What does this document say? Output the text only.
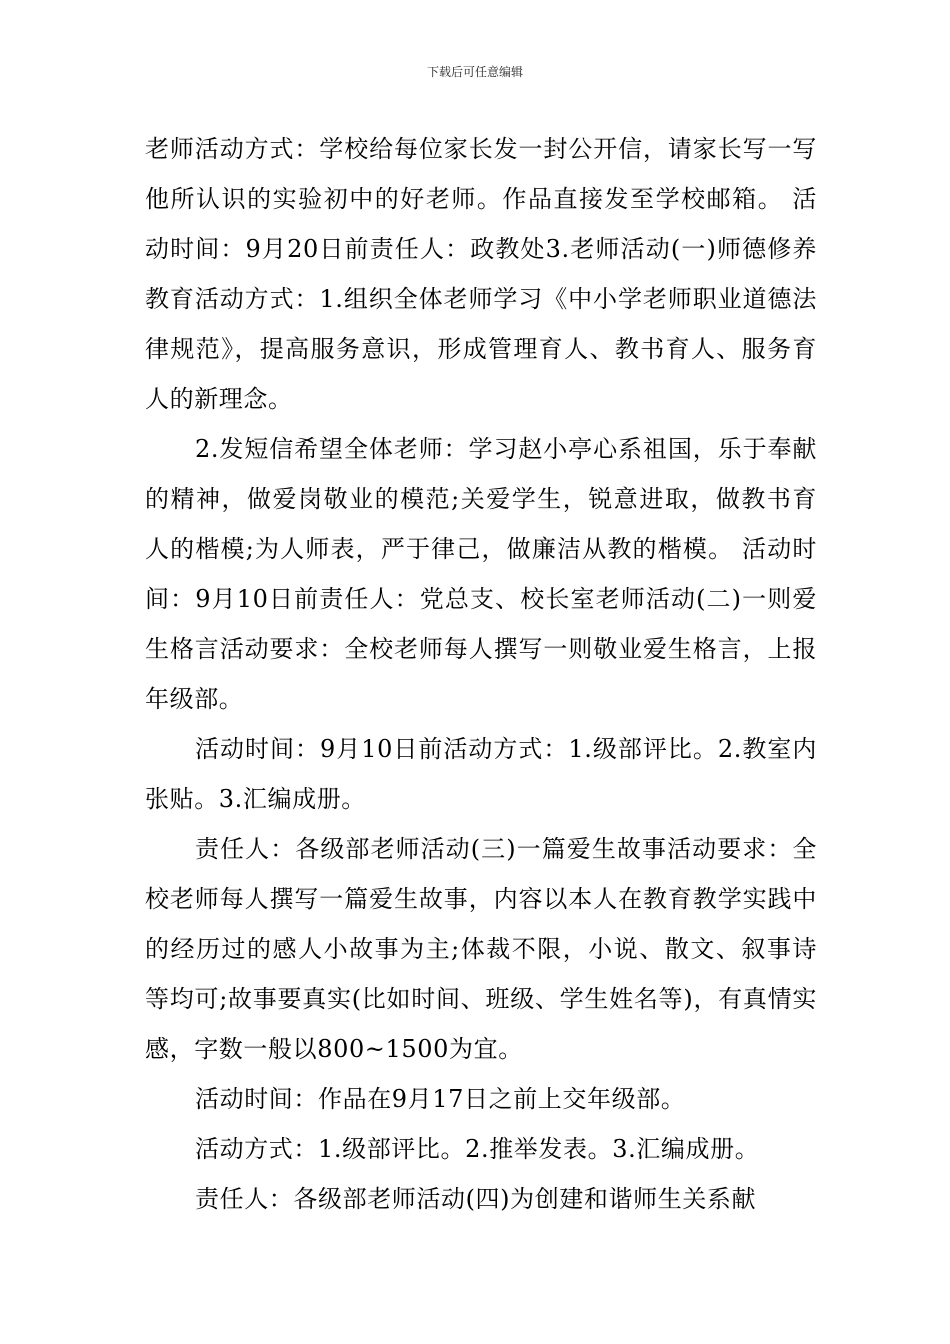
下载后可任意编辑

老师活动方式：学校给每位家长发一封公开信，请家长写一写他所认识的实验初中的好老师。作品直接发至学校邮箱。 活动时间：9月20日前责任人：政教处3.老师活动(一)师德修养教育活动方式：1.组织全体老师学习《中小学老师职业道德法律规范》，提高服务意识，形成管理育人、教书育人、服务育人的新理念。

2.发短信希望全体老师：学习赵小亭心系祖国，乐于奉献的精神，做爱岗敬业的模范;关爱学生，锐意进取，做教书育人的楷模;为人师表，严于律己，做廉洁从教的楷模。 活动时间：9月10日前责任人：党总支、校长室老师活动(二)一则爱生格言活动要求：全校老师每人撰写一则敬业爱生格言，上报年级部。

活动时间：9月10日前活动方式：1.级部评比。2.教室内张贴。3.汇编成册。

责任人：各级部老师活动(三)一篇爱生故事活动要求：全校老师每人撰写一篇爱生故事，内容以本人在教育教学实践中的经历过的感人小故事为主;体裁不限，小说、散文、叙事诗等均可;故事要真实(比如时间、班级、学生姓名等)，有真情实感，字数一般以800~1500为宜。

活动时间：作品在9月17日之前上交年级部。

活动方式：1.级部评比。2.推举发表。3.汇编成册。

责任人：各级部老师活动(四)为创建和谐师生关系献
